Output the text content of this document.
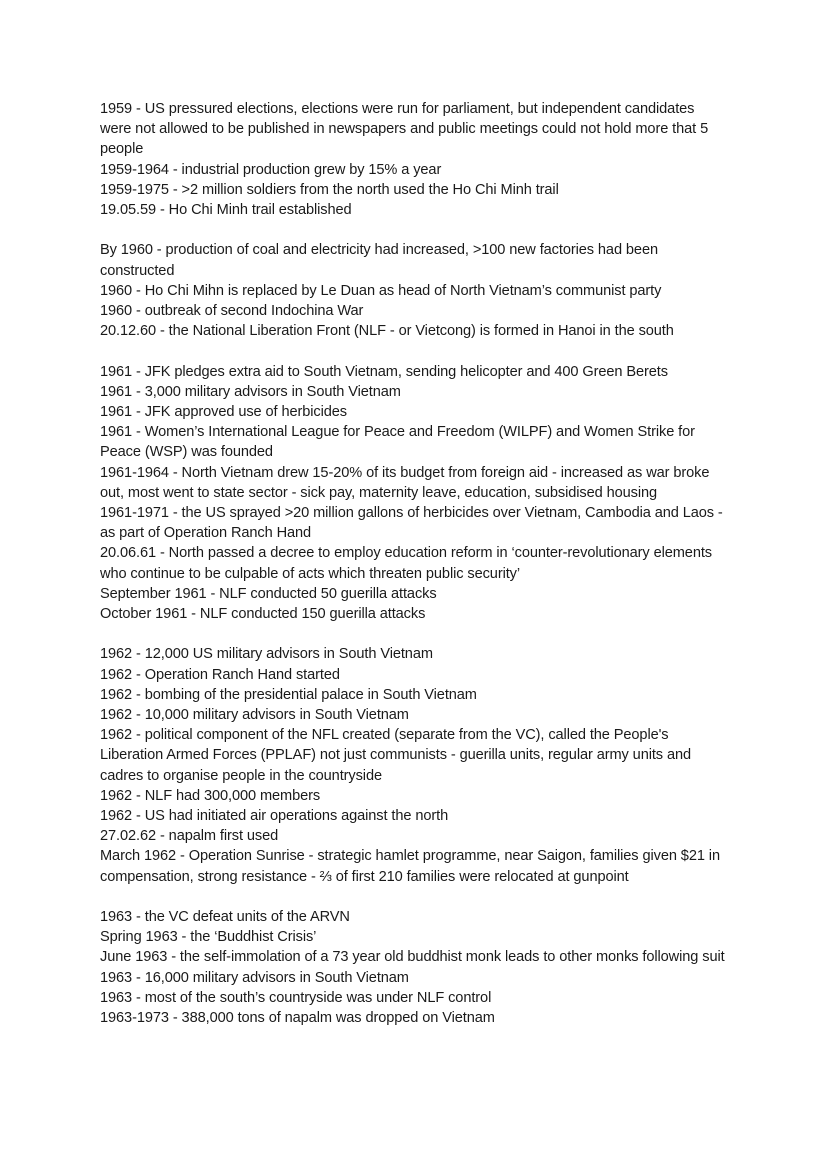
1959 - US pressured elections, elections were run for parliament, but independent candidates were not allowed to be published in newspapers and public meetings could not hold more that 5 people
1959-1964 - industrial production grew by 15% a year
1959-1975 - >2 million soldiers from the north used the Ho Chi Minh trail
19.05.59 - Ho Chi Minh trail established
By 1960 - production of coal and electricity had increased, >100 new factories had been constructed
1960 - Ho Chi Mihn is replaced by Le Duan as head of North Vietnam’s communist party
1960 - outbreak of second Indochina War
20.12.60 - the National Liberation Front (NLF - or Vietcong) is formed in Hanoi in the south
1961 - JFK pledges extra aid to South Vietnam, sending helicopter and 400 Green Berets
1961 - 3,000 military advisors in South Vietnam
1961 - JFK approved use of herbicides
1961 - Women’s International League for Peace and Freedom (WILPF) and Women Strike for Peace (WSP) was founded
1961-1964 - North Vietnam drew 15-20% of its budget from foreign aid - increased as war broke out, most went to state sector - sick pay, maternity leave, education, subsidised housing
1961-1971 - the US sprayed >20 million gallons of herbicides over Vietnam, Cambodia and Laos - as part of Operation Ranch Hand
20.06.61 - North passed a decree to employ education reform in ‘counter-revolutionary elements who continue to be culpable of acts which threaten public security’
September 1961 - NLF conducted 50 guerilla attacks
October 1961 - NLF conducted 150 guerilla attacks
1962 - 12,000 US military advisors in South Vietnam
1962 - Operation Ranch Hand started
1962 - bombing of the presidential palace in South Vietnam
1962 - 10,000 military advisors in South Vietnam
1962 - political component of the NFL created (separate from the VC), called the People's Liberation Armed Forces (PPLAF) not just communists - guerilla units, regular army units and cadres to organise people in the countryside
1962 - NLF had 300,000 members
1962 - US had initiated air operations against the north
27.02.62 - napalm first used
March 1962 - Operation Sunrise - strategic hamlet programme, near Saigon, families given $21 in compensation, strong resistance - ⅔ of first 210 families were relocated at gunpoint
1963 - the VC defeat units of the ARVN
Spring 1963 - the ‘Buddhist Crisis’
June 1963 - the self-immolation of a 73 year old buddhist monk leads to other monks following suit
1963 - 16,000 military advisors in South Vietnam
1963 - most of the south’s countryside was under NLF control
1963-1973 - 388,000 tons of napalm was dropped on Vietnam
